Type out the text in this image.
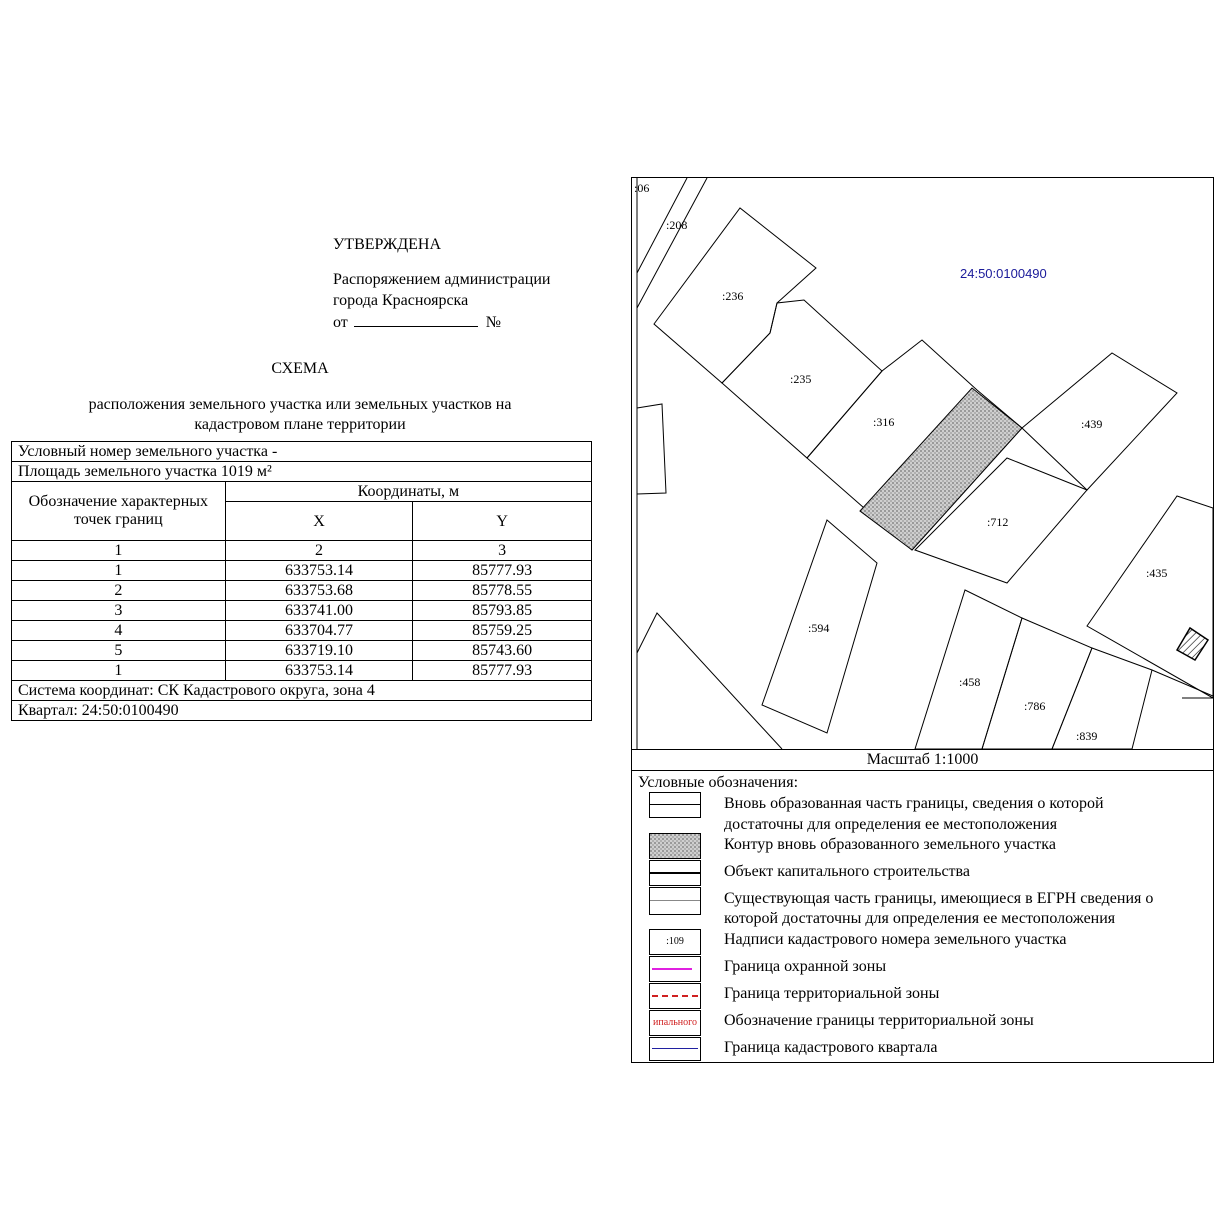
УТВЕРЖДЕНА
Распоряжением администрации
города Красноярска
от	№
СХЕМА
расположения земельного участка или земельных участков на
кадастровом плане территории
Условный номер земельного участка -		
Площадь земельного участка 1019 м²		
Обозначение характерных точек границ	Координаты, м	
	X	Y
1	2	3
1	633753.14	85777.93
2	633753.68	85778.55
3	633741.00	85793.85
4	633704.77	85759.25
5	633719.10	85743.60
1	633753.14	85777.93
Система координат: СК Кадастрового округа, зона 4		
Квартал: 24:50:0100490		
24:50:0100490
:06
:208
:236
:235
:316	:439
:712
:435
:594
:458
:786
:839
Масштаб 1:1000
Условные обозначения:
Вновь образованная часть границы, сведения о которой
достаточны для определения ее местоположения
Контур вновь образованного земельного участка
Объект капитального строительства
Существующая часть границы, имеющиеся в ЕГРН сведения о
которой достаточны для определения ее местоположения
:109	Надписи кадастрового номера земельного участка
Граница охранной зоны
Граница территориальной зоны
ипального Обозначение границы территориальной зоны
Граница кадастрового квартала
